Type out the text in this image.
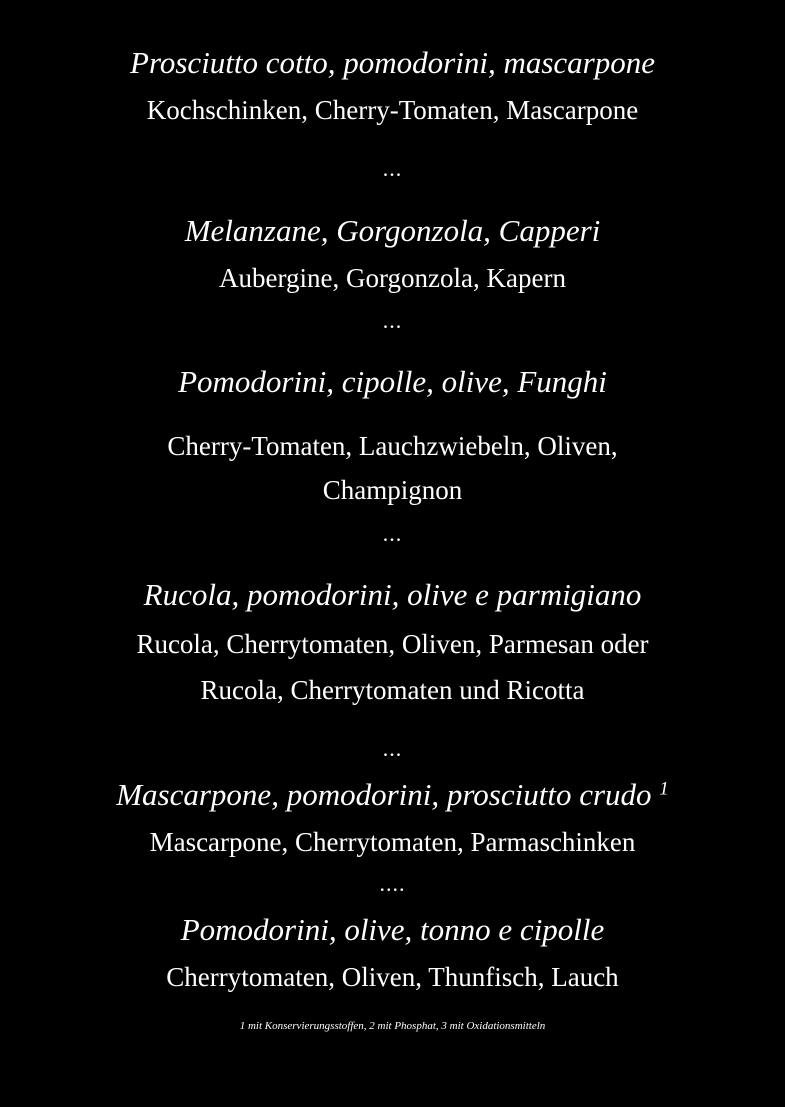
Prosciutto cotto, pomodorini, mascarpone
Kochschinken, Cherry-Tomaten, Mascarpone
...
Melanzane, Gorgonzola, Capperi
Aubergine, Gorgonzola, Kapern
...
Pomodorini, cipolle, olive, Funghi
Cherry-Tomaten, Lauchzwiebeln, Oliven,
Champignon
...
Rucola, pomodorini, olive e parmigiano
Rucola, Cherrytomaten, Oliven, Parmesan oder
Rucola, Cherrytomaten und Ricotta
...
Mascarpone, pomodorini, prosciutto crudo $^1$
Mascarpone, Cherrytomaten, Parmaschinken
....
Pomodorini, olive, tonno e cipolle
Cherrytomaten, Oliven, Thunfisch, Lauch
1 mit Konservierungsstoffen, 2 mit Phosphat, 3 mit Oxidationsmitteln
